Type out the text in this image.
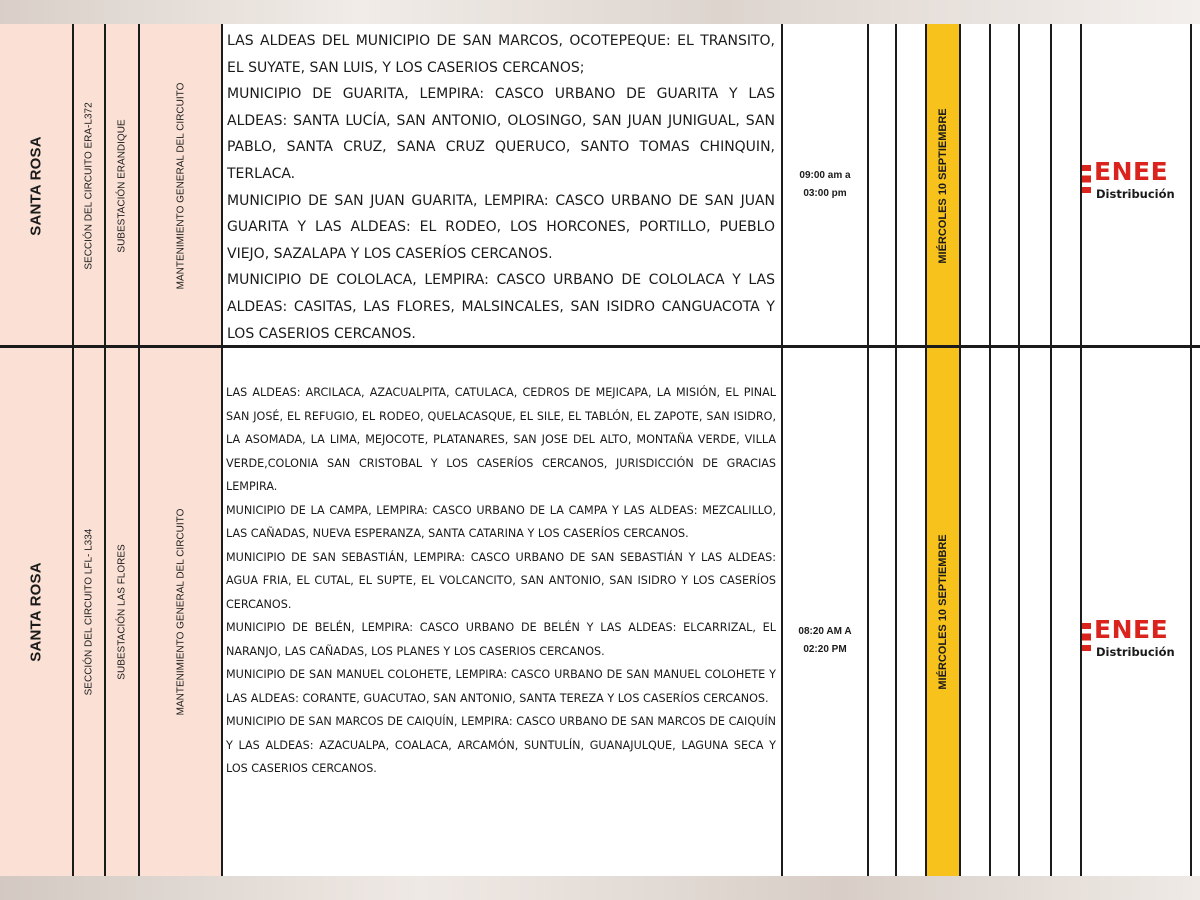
SANTA ROSA	SECCIÓN DEL CIRCUITO ERA-L372 SUBESTACIÓN ERANDIQUE	MANTENIMIENTO GENERAL DEL CIRCUITO

LAS ALDEAS DEL MUNICIPIO DE SAN MARCOS, OCOTEPEQUE: EL TRANSITO, EL SUYATE, SAN LUIS, Y LOS CASERIOS CERCANOS;

MUNICIPIO DE GUARITA, LEMPIRA: CASCO URBANO DE GUARITA Y LAS ALDEAS: SANTA LUCÍA, SAN ANTONIO, OLOSINGO, SAN JUAN JUNIGUAL, SAN PABLO, SANTA CRUZ, SANA CRUZ QUERUCO, SANTO TOMAS CHINQUIN, TERLACA.

MUNICIPIO DE SAN JUAN GUARITA, LEMPIRA: CASCO URBANO DE SAN JUAN GUARITA Y LAS ALDEAS: EL RODEO, LOS HORCONES, PORTILLO, PUEBLO VIEJO, SAZALAPA Y LOS CASERÍOS CERCANOS.

MUNICIPIO DE COLOLACA, LEMPIRA: CASCO URBANO DE COLOLACA Y LAS ALDEAS: CASITAS, LAS FLORES, MALSINCALES, SAN ISIDRO CANGUACOTA Y LOS CASERIOS CERCANOS.

09:00 am a
03:00 pm	MIÉRCOLES 10 SEPTIEMBRE	ENEE
Distribución
SANTA ROSA	SECCIÓN DEL CIRCUITO LFL- L334 SUBESTACIÓN LAS FLORES	MANTENIMIENTO GENERAL DEL CIRCUITO

LAS ALDEAS: ARCILACA, AZACUALPITA, CATULACA, CEDROS DE MEJICAPA, LA MISIÓN, EL PINAL SAN JOSÉ, EL REFUGIO, EL RODEO, QUELACASQUE, EL SILE, EL TABLÓN, EL ZAPOTE, SAN ISIDRO, LA ASOMADA, LA LIMA, MEJOCOTE, PLATANARES, SAN JOSE DEL ALTO, MONTAÑA VERDE, VILLA VERDE,COLONIA SAN CRISTOBAL Y LOS CASERÍOS CERCANOS, JURISDICCIÓN DE GRACIAS LEMPIRA.

MUNICIPIO DE LA CAMPA, LEMPIRA: CASCO URBANO DE LA CAMPA Y LAS ALDEAS: MEZCALILLO, LAS CAÑADAS, NUEVA ESPERANZA, SANTA CATARINA Y LOS CASERÍOS CERCANOS.

MUNICIPIO DE SAN SEBASTIÁN, LEMPIRA: CASCO URBANO DE SAN SEBASTIÁN Y LAS ALDEAS: AGUA FRIA, EL CUTAL, EL SUPTE, EL VOLCANCITO, SAN ANTONIO, SAN ISIDRO Y LOS CASERÍOS CERCANOS.

MUNICIPIO DE BELÉN, LEMPIRA: CASCO URBANO DE BELÉN Y LAS ALDEAS: ELCARRIZAL, EL NARANJO, LAS CAÑADAS, LOS PLANES Y LOS CASERIOS CERCANOS.

MUNICIPIO DE SAN MANUEL COLOHETE, LEMPIRA: CASCO URBANO DE SAN MANUEL COLOHETE Y LAS ALDEAS: CORANTE, GUACUTAO, SAN ANTONIO, SANTA TEREZA Y LOS CASERÍOS CERCANOS.

MUNICIPIO DE SAN MARCOS DE CAIQUÍN, LEMPIRA: CASCO URBANO DE SAN MARCOS DE CAIQUÍN Y LAS ALDEAS: AZACUALPA, COALACA, ARCAMÓN, SUNTULÍN, GUANAJULQUE, LAGUNA SECA Y LOS CASERIOS CERCANOS.

08:20 AM A
02:20 PM	MIÉRCOLES 10 SEPTIEMBRE	ENEE
Distribución
